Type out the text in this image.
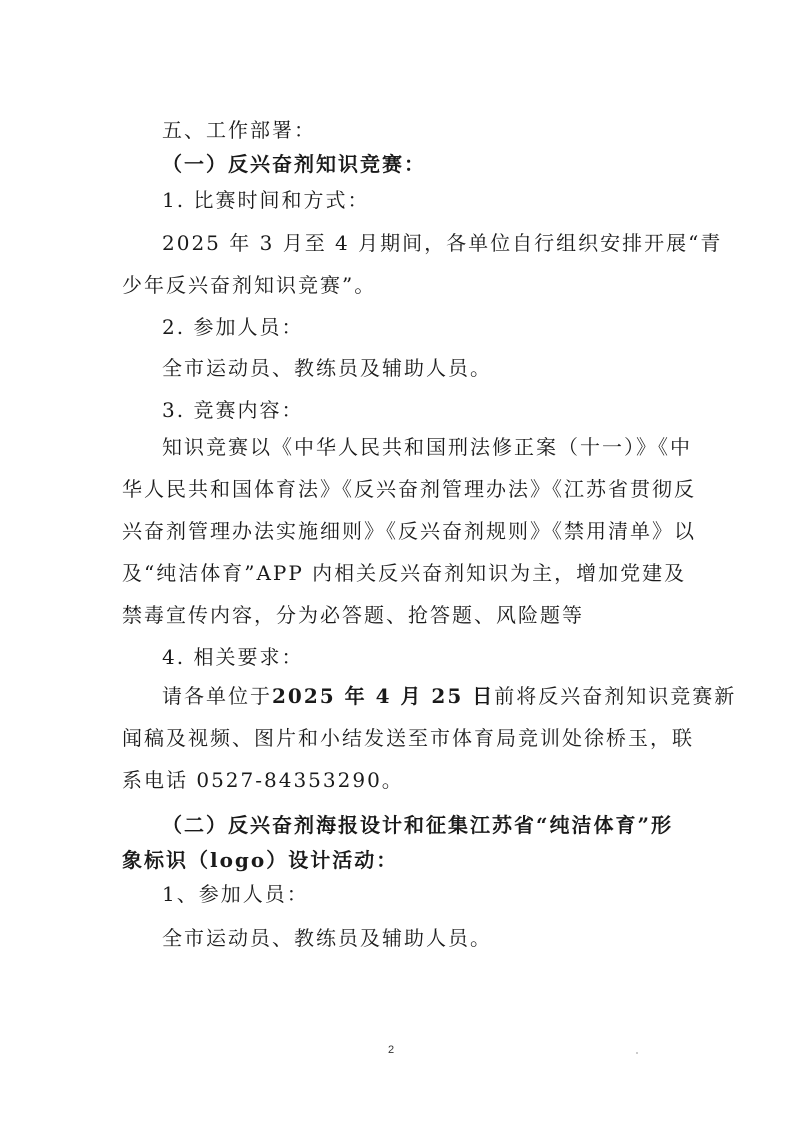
五、工作部署：
（一）反兴奋剂知识竞赛：
1. 比赛时间和方式：
2025 年 3 月至 4 月期间，各单位自行组织安排开展“青
少年反兴奋剂知识竞赛”。
2. 参加人员：
全市运动员、教练员及辅助人员。
3. 竞赛内容：
知识竞赛以《中华人民共和国刑法修正案（十一）》《中
华人民共和国体育法》《反兴奋剂管理办法》《江苏省贯彻反
兴奋剂管理办法实施细则》《反兴奋剂规则》《禁用清单》以
及“纯洁体育”APP 内相关反兴奋剂知识为主，增加党建及
禁毒宣传内容，分为必答题、抢答题、风险题等
4. 相关要求：
请各单位于2025 年 4 月 25 日前将反兴奋剂知识竞赛新
闻稿及视频、图片和小结发送至市体育局竞训处徐桥玉，联
系电话 0527-84353290。
（二）反兴奋剂海报设计和征集江苏省“纯洁体育”形
象标识（logo）设计活动：
1、参加人员：
全市运动员、教练员及辅助人员。
2
